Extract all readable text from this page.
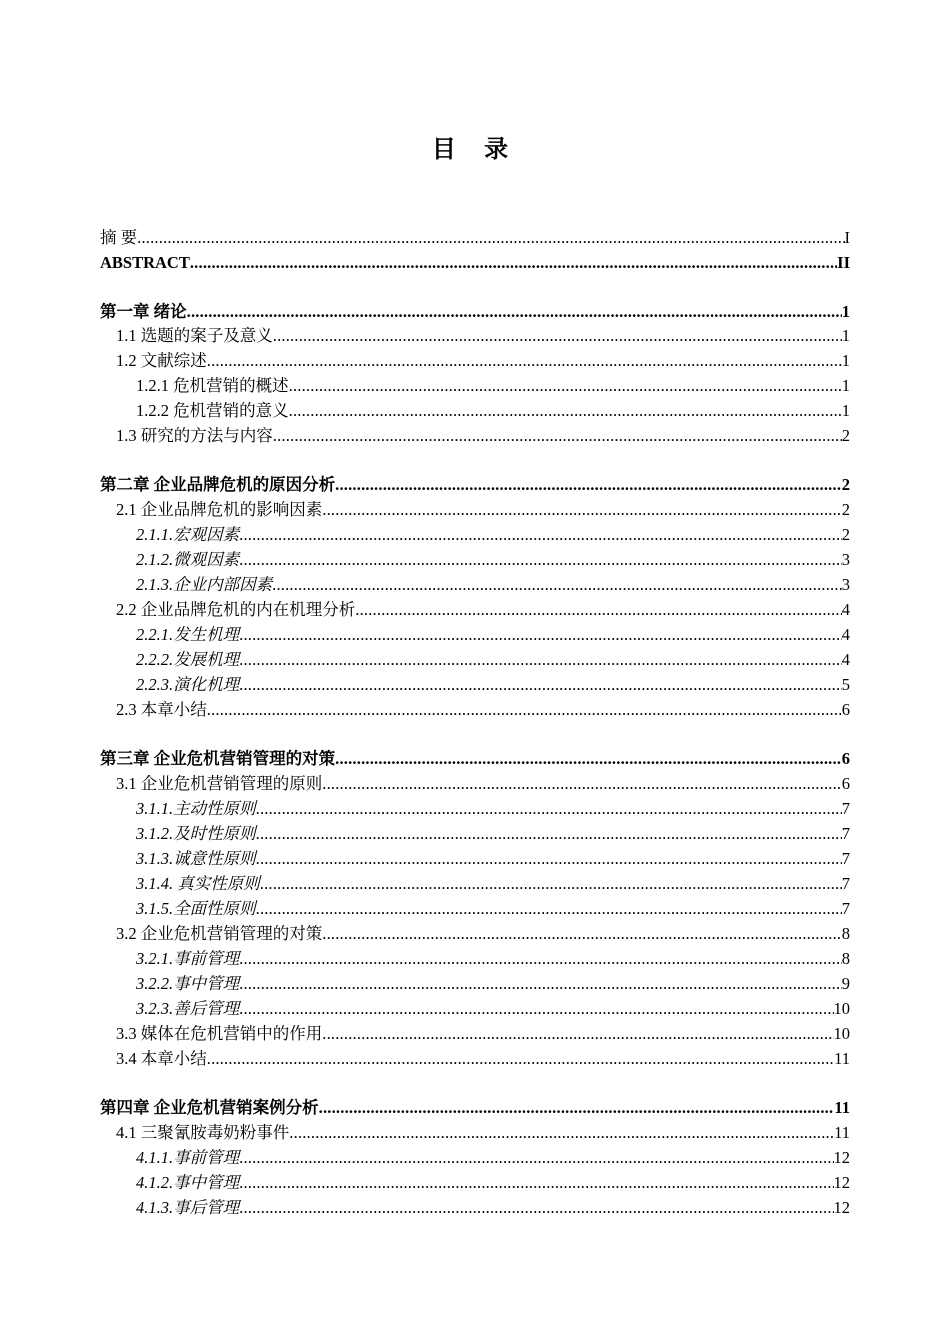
目 录
摘 要 .....	I
ABSTRACT .....	II
第一章 绪论 .....	1
1.1 选题的案子及意义 .....	1
1.2 文献综述 .....	1
1.2.1 危机营销的概述 .....	1
1.2.2 危机营销的意义 .....	1
1.3 研究的方法与内容 .....	2
第二章 企业品牌危机的原因分析 .....	2
2.1 企业品牌危机的影响因素 .....	2
2.1.1.宏观因素 .....	2
2.1.2.微观因素 .....	3
2.1.3.企业内部因素 .....	3
2.2 企业品牌危机的内在机理分析 .....	4
2.2.1.发生机理 .....	4
2.2.2.发展机理 .....	4
2.2.3.演化机理 .....	5
2.3 本章小结 .....	6
第三章 企业危机营销管理的对策 .....	6
3.1 企业危机营销管理的原则 .....	6
3.1.1.主动性原则 .....	7
3.1.2.及时性原则 .....	7
3.1.3.诚意性原则 .....	7
3.1.4. 真实性原则 .....	7
3.1.5.全面性原则 .....	7
3.2 企业危机营销管理的对策 .....	8
3.2.1.事前管理 .....	8
3.2.2.事中管理 .....	9
3.2.3.善后管理 .....	10
3.3 媒体在危机营销中的作用 .....	10
3.4 本章小结 .....	11
第四章 企业危机营销案例分析 .....	11
4.1 三聚氰胺毒奶粉事件 .....	11
4.1.1.事前管理 .....	12
4.1.2.事中管理 .....	12
4.1.3.事后管理 .....	12
